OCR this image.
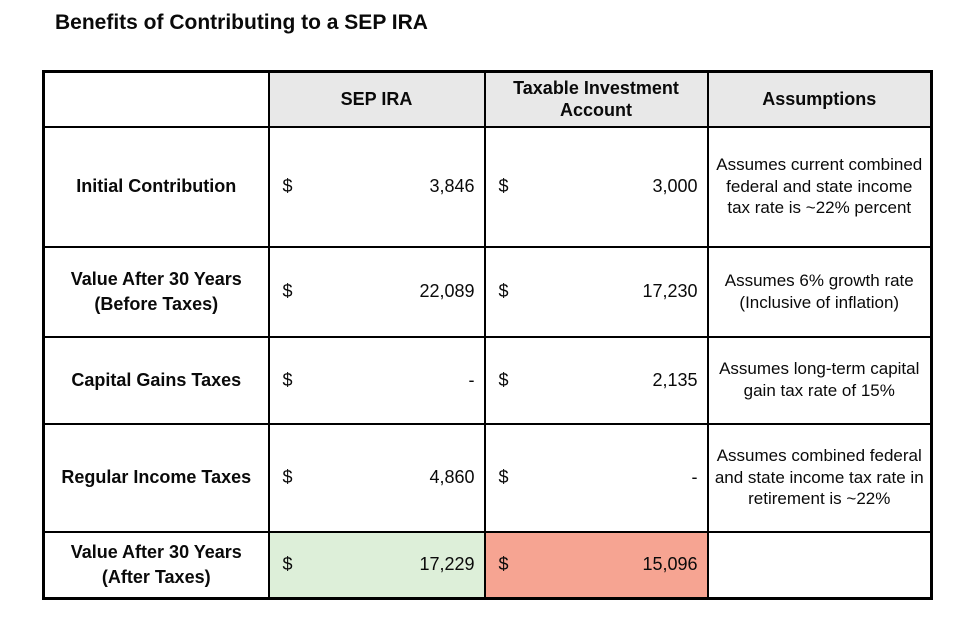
Benefits of Contributing to a SEP IRA
	SEP IRA	Taxable Investment Account	Assumptions
Initial Contribution	$ 3,846	$ 3,000	Assumes current combined federal and state income tax rate is ~22% percent
Value After 30 Years (Before Taxes)	$ 22,089	$ 17,230	Assumes 6% growth rate (Inclusive of inflation)
Capital Gains Taxes	$ -	$ 2,135	Assumes long-term capital gain tax rate of 15%
Regular Income Taxes	$ 4,860	$ -	Assumes combined federal and state income tax rate in retirement is ~22%
Value After 30 Years (After Taxes)	$ 17,229	$ 15,096	
